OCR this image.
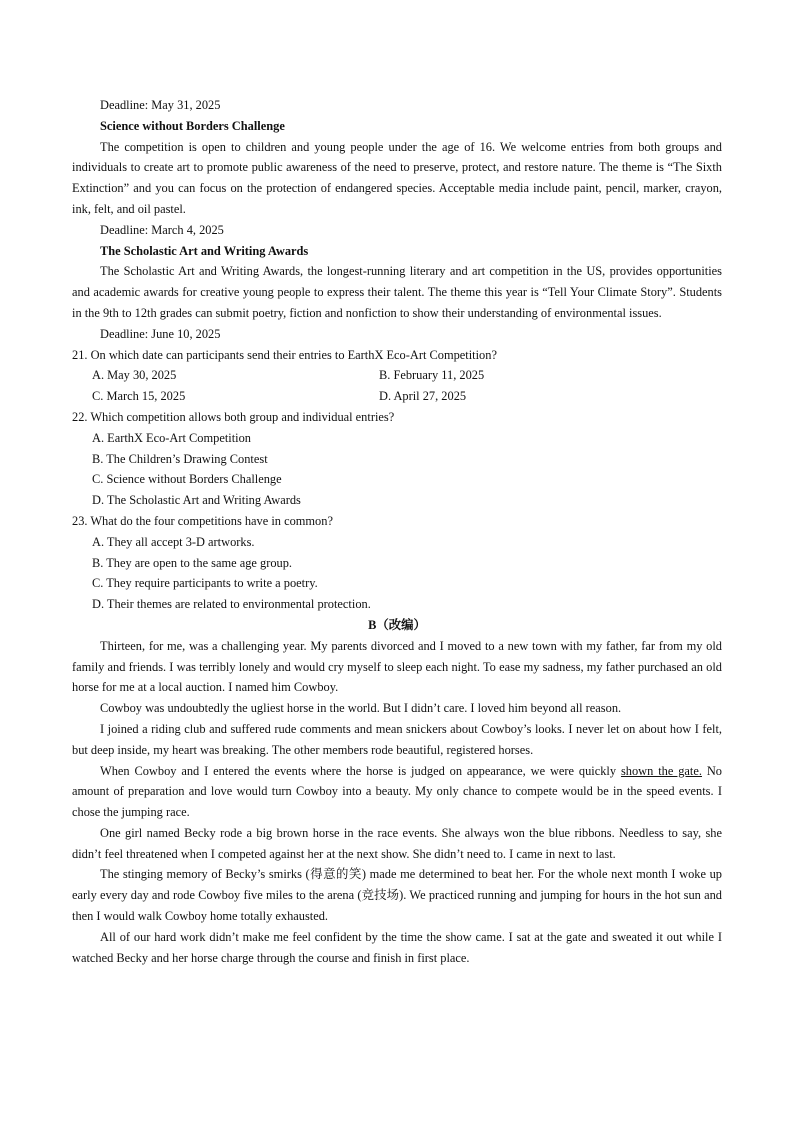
Deadline: May 31, 2025
Science without Borders Challenge
The competition is open to children and young people under the age of 16. We welcome entries from both groups and individuals to create art to promote public awareness of the need to preserve, protect, and restore nature. The theme is “The Sixth Extinction” and you can focus on the protection of endangered species. Acceptable media include paint, pencil, marker, crayon, ink, felt, and oil pastel.
Deadline: March 4, 2025
The Scholastic Art and Writing Awards
The Scholastic Art and Writing Awards, the longest-running literary and art competition in the US, provides opportunities and academic awards for creative young people to express their talent. The theme this year is “Tell Your Climate Story”. Students in the 9th to 12th grades can submit poetry, fiction and nonfiction to show their understanding of environmental issues.
Deadline: June 10, 2025
21. On which date can participants send their entries to EarthX Eco-Art Competition?
A. May 30, 2025	B. February 11, 2025
C. March 15, 2025	D. April 27, 2025
22. Which competition allows both group and individual entries?
A. EarthX Eco-Art Competition
B. The Children’s Drawing Contest
C. Science without Borders Challenge
D. The Scholastic Art and Writing Awards
23. What do the four competitions have in common?
A. They all accept 3-D artworks.
B. They are open to the same age group.
C. They require participants to write a poetry.
D. Their themes are related to environmental protection.
B（改编）
Thirteen, for me, was a challenging year. My parents divorced and I moved to a new town with my father, far from my old family and friends. I was terribly lonely and would cry myself to sleep each night. To ease my sadness, my father purchased an old horse for me at a local auction. I named him Cowboy.
Cowboy was undoubtedly the ugliest horse in the world. But I didn’t care. I loved him beyond all reason.
I joined a riding club and suffered rude comments and mean snickers about Cowboy’s looks. I never let on about how I felt, but deep inside, my heart was breaking. The other members rode beautiful, registered horses.
When Cowboy and I entered the events where the horse is judged on appearance, we were quickly shown the gate. No amount of preparation and love would turn Cowboy into a beauty. My only chance to compete would be in the speed events. I chose the jumping race.
One girl named Becky rode a big brown horse in the race events. She always won the blue ribbons. Needless to say, she didn’t feel threatened when I competed against her at the next show. She didn’t need to. I came in next to last.
The stinging memory of Becky’s smirks (得意的笑) made me determined to beat her. For the whole next month I woke up early every day and rode Cowboy five miles to the arena (竞技场). We practiced running and jumping for hours in the hot sun and then I would walk Cowboy home totally exhausted.
All of our hard work didn’t make me feel confident by the time the show came. I sat at the gate and sweated it out while I watched Becky and her horse charge through the course and finish in first place.
